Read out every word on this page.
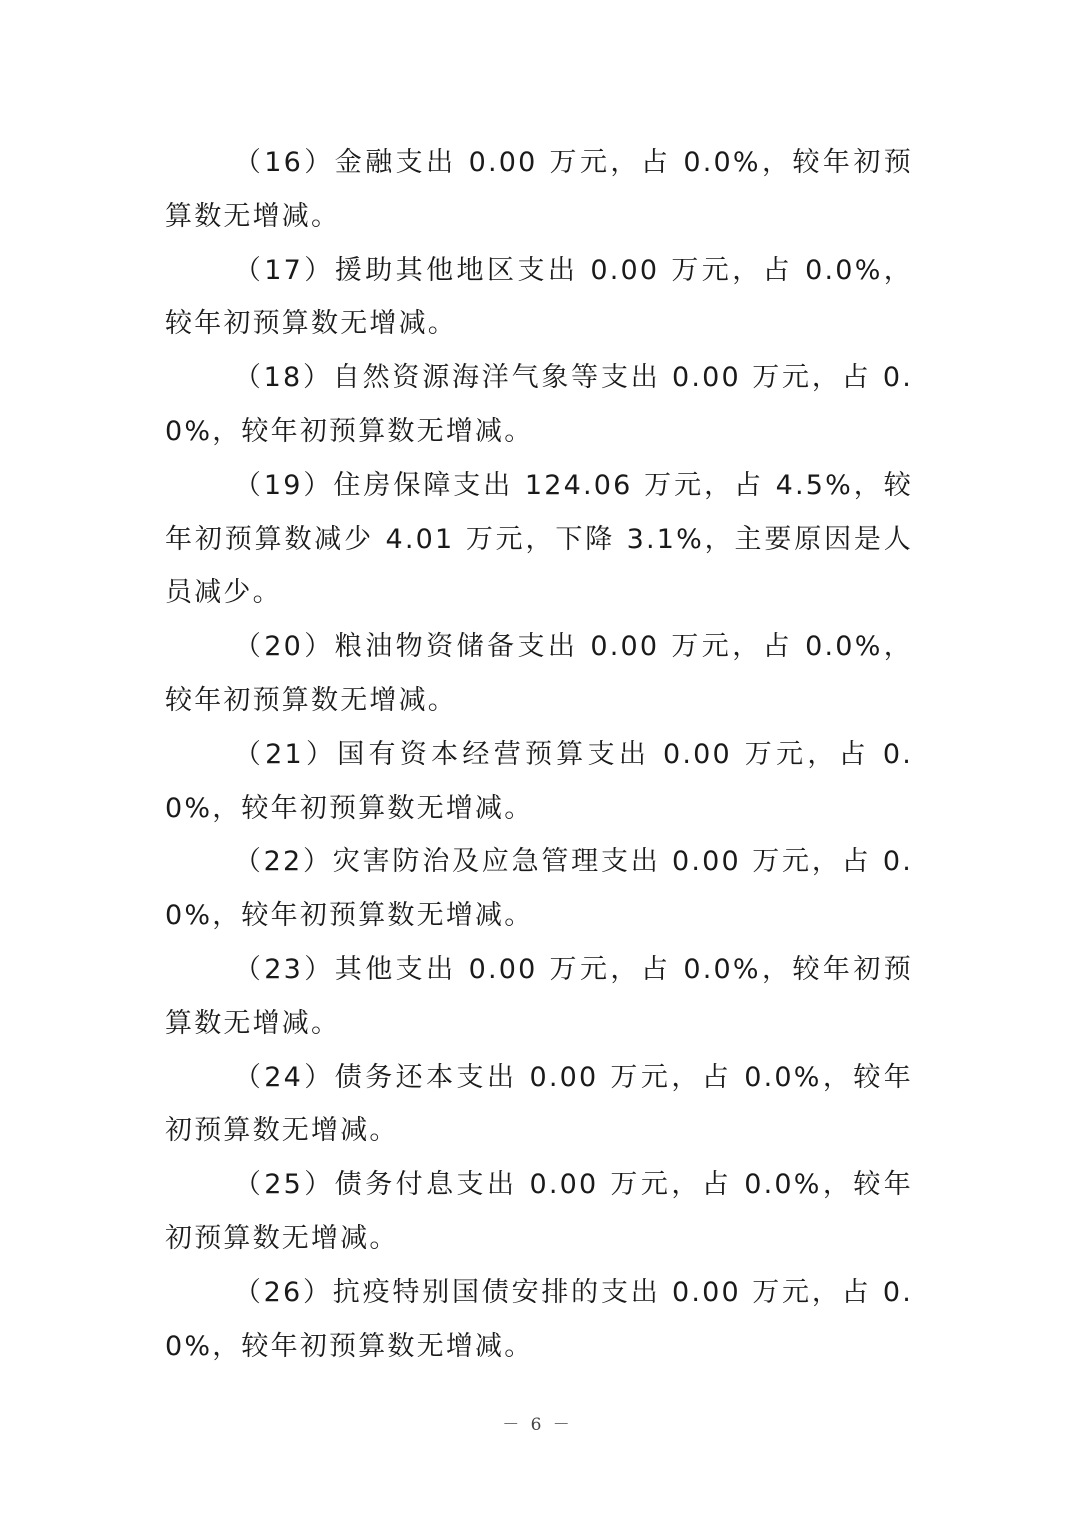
（16）金融支出 0.00 万元，占 0.0%，较年初预算数无增减。

（17）援助其他地区支出 0.00 万元，占 0.0%，较年初预算数无增减。

（18）自然资源海洋气象等支出 0.00 万元，占 0.0%，较年初预算数无增减。

（19）住房保障支出 124.06 万元，占 4.5%，较年初预算数减少 4.01 万元，下降 3.1%，主要原因是人员减少。

（20）粮油物资储备支出 0.00 万元，占 0.0%，较年初预算数无增减。

（21）国有资本经营预算支出 0.00 万元，占 0.0%，较年初预算数无增减。

（22）灾害防治及应急管理支出 0.00 万元，占 0.0%，较年初预算数无增减。

（23）其他支出 0.00 万元，占 0.0%，较年初预算数无增减。

（24）债务还本支出 0.00 万元，占 0.0%，较年初预算数无增减。

（25）债务付息支出 0.00 万元，占 0.0%，较年初预算数无增减。

（26）抗疫特别国债安排的支出 0.00 万元，占 0.0%，较年初预算数无增减。

－ 6 －
